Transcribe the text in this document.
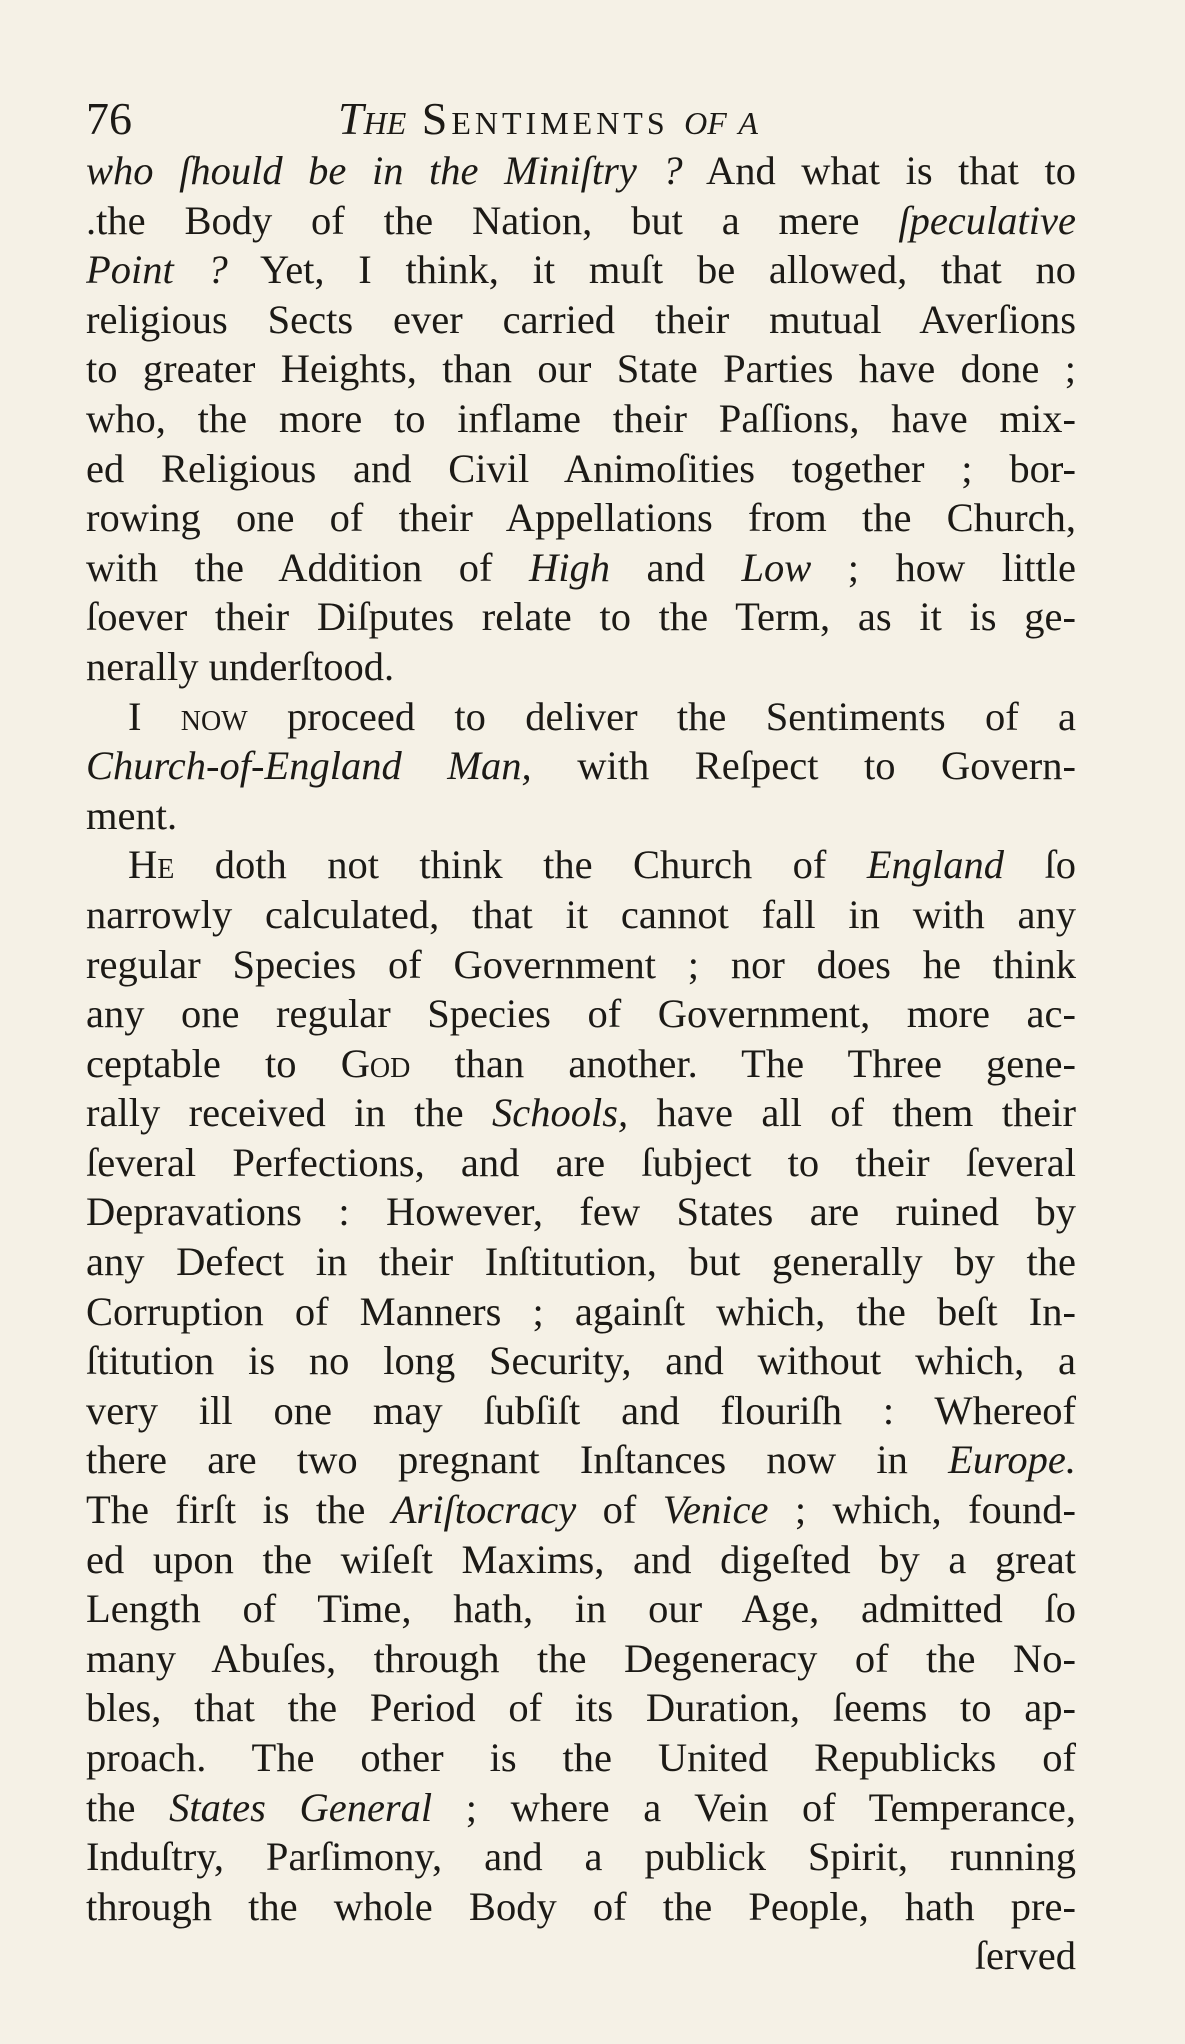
76	The Sentiments of a
who ſhould be in the Miniſtry ? And what is that to
.the Body of the Nation, but a mere ſpeculative
Point ? Yet, I think, it muſt be allowed, that no
religious Sects ever carried their mutual Averſions
to greater Heights, than our State Parties have done ;
who, the more to inflame their Paſſions, have mix-
ed Religious and Civil Animoſities together ; bor-
rowing one of their Appellations from the Church,
with the Addition of High and Low ; how little
ſoever their Diſputes relate to the Term, as it is ge-
nerally underſtood.
I now proceed to deliver the Sentiments of a
Church-of-England Man, with Reſpect to Govern-
ment.
He doth not think the Church of England ſo
narrowly calculated, that it cannot fall in with any
regular Species of Government ; nor does he think
any one regular Species of Government, more ac-
ceptable to God than another. The Three gene-
rally received in the Schools, have all of them their
ſeveral Perfections, and are ſubject to their ſeveral
Depravations : However, few States are ruined by
any Defect in their Inſtitution, but generally by the
Corruption of Manners ; againſt which, the beſt In-
ſtitution is no long Security, and without which, a
very ill one may ſubſiſt and flouriſh : Whereof
there are two pregnant Inſtances now in Europe.
The firſt is the Ariſtocracy of Venice ; which, found-
ed upon the wiſeſt Maxims, and digeſted by a great
Length of Time, hath, in our Age, admitted ſo
many Abuſes, through the Degeneracy of the No-
bles, that the Period of its Duration, ſeems to ap-
proach. The other is the United Republicks of
the States General ; where a Vein of Temperance,
Induſtry, Parſimony, and a publick Spirit, running
through the whole Body of the People, hath pre-
ſerved
